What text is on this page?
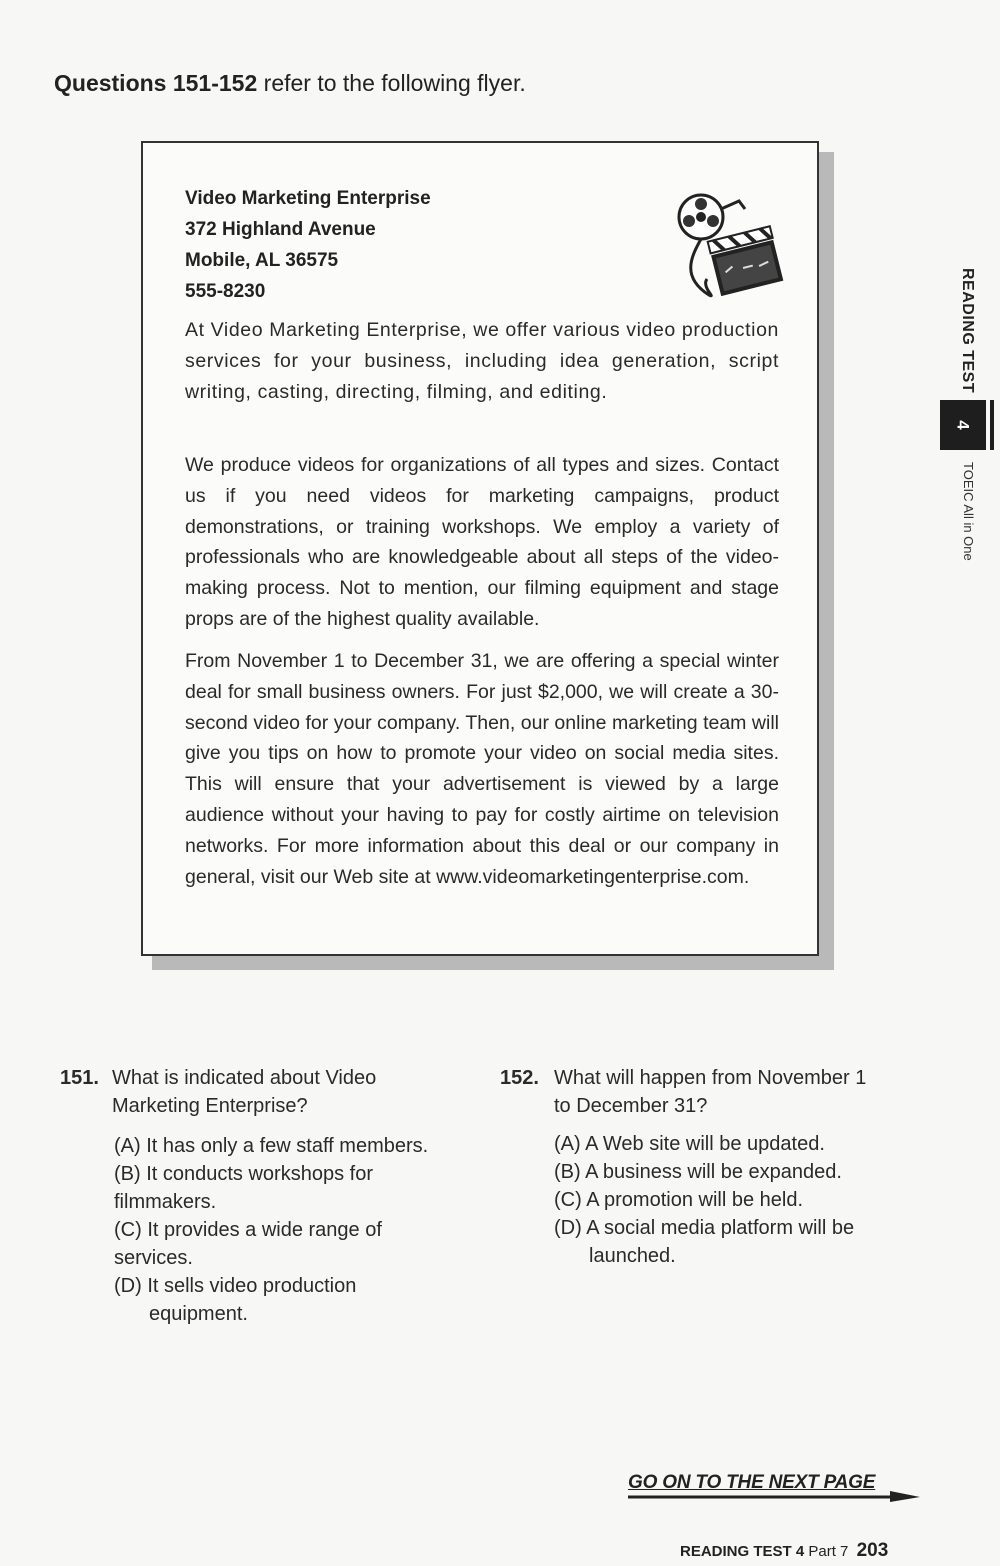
Questions 151-152 refer to the following flyer.
Video Marketing Enterprise
372 Highland Avenue
Mobile, AL 36575
555-8230
At Video Marketing Enterprise, we offer various video production services for your business, including idea generation, script writing, casting, directing, filming, and editing.
We produce videos for organizations of all types and sizes. Contact us if you need videos for marketing campaigns, product demonstrations, or training workshops. We employ a variety of professionals who are knowledgeable about all steps of the video-making process. Not to mention, our filming equipment and stage props are of the highest quality available.
From November 1 to December 31, we are offering a special winter deal for small business owners. For just $2,000, we will create a 30-second video for your company. Then, our online marketing team will give you tips on how to promote your video on social media sites. This will ensure that your advertisement is viewed by a large audience without your having to pay for costly airtime on television networks. For more information about this deal or our company in general, visit our Web site at www.videomarketingenterprise.com.
151. What is indicated about Video
Marketing Enterprise?
(A) It has only a few staff members.
(B) It conducts workshops for
filmmakers.
(C) It provides a wide range of
services.
(D) It sells video production
equipment.
152. What will happen from November 1
to December 31?
(A) A Web site will be updated.
(B) A business will be expanded.
(C) A promotion will be held.
(D) A social media platform will be
launched.
READING TEST
4
TOEIC All in One
GO ON TO THE NEXT PAGE
READING TEST 4 Part 7 203
